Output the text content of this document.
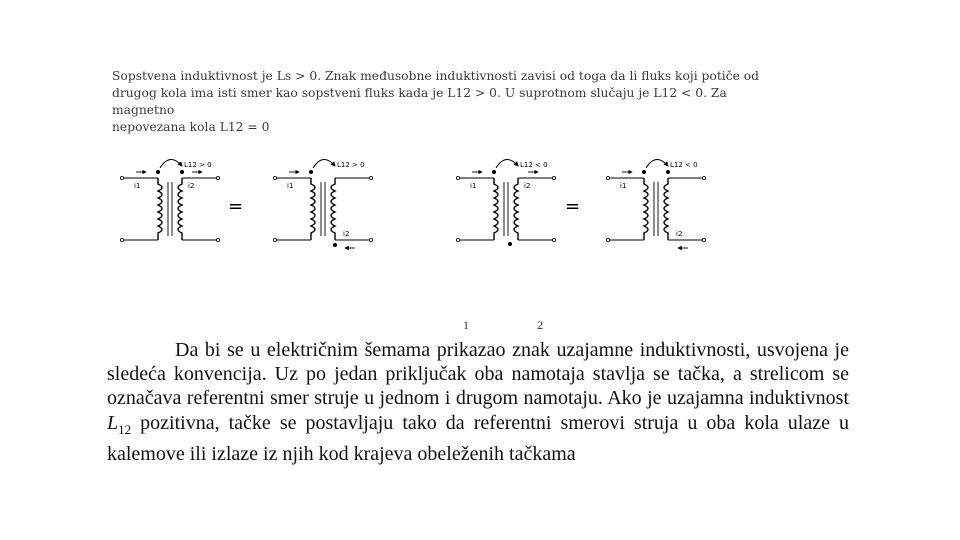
Sopstvena induktivnost je Ls > 0. Znak međusobne induktivnosti zavisi od toga da li fluks koji potiče od
drugog kola ima isti smer kao sopstveni fluks kada je L12 > 0. U suprotnom slučaju je L12 < 0. Za magnetno
nepovezana kola L12 = 0
L12 > 0
i1	i2
=
L12 > 0
i1
i2
L12 < 0
i1	i2
=
L12 < 0
i1
i2
1	2

Da bi se u električnim šemama prikazao znak uzajamne induktivnosti, usvojena je sledeća konvencija. Uz po jedan priključak oba namotaja stavlja se tačka, a strelicom se označava referentni smer struje u jednom i drugom namotaju. Ako je uzajamna induktivnost $L_{12}$ pozitivna, tačke se postavljaju tako da referentni smerovi struja u oba kola ulaze u kalemove ili izlaze iz njih kod krajeva obeleženih tačkama
